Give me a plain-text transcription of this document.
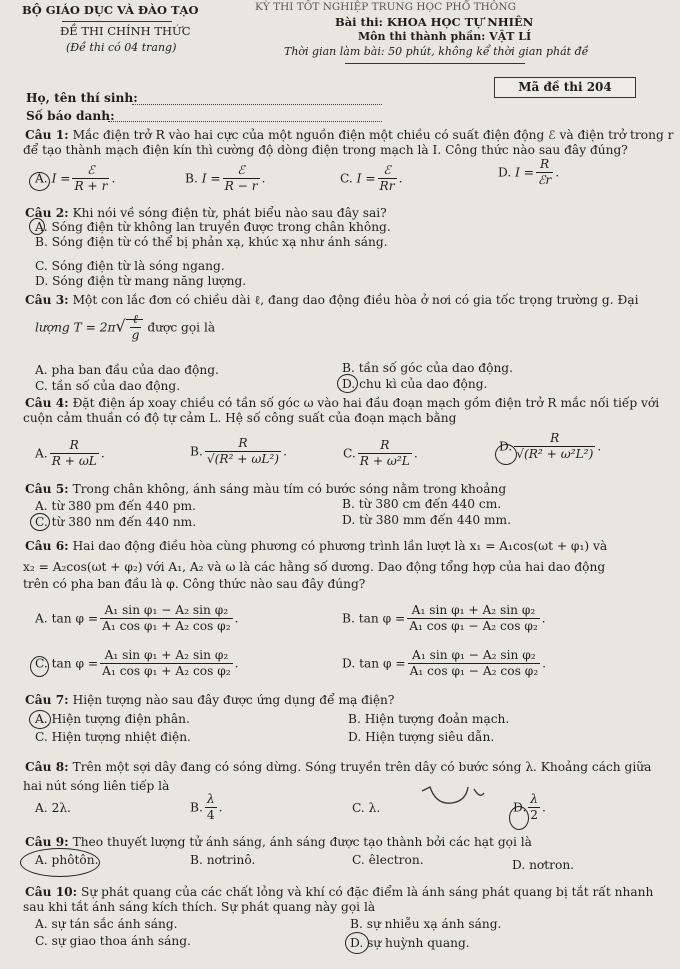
BỘ GIÁO DỤC VÀ ĐÀO TẠO	KỲ THI TỐT NGHIỆP TRUNG HỌC PHỔ THÔNG
ĐỀ THI CHÍNH THỨC
(Đề thi có 04 trang)
Bài thi: KHOA HỌC TỰ NHIÊN
Môn thi thành phần: VẬT LÍ
Thời gian làm bài: 50 phút, không kể thời gian phát đề
Họ, tên thí sinh:
Số báo danh:
Mã đề thi 204
Câu 1: Mắc điện trở R vào hai cực của một nguồn điện một chiều có suất điện động ℰ và điện trở trong r
để tạo thành mạch điện kín thì cường độ dòng điện trong mạch là I. Công thức nào sau đây đúng?
A. $I = \frac{\text{ℰ}}{R + r}$ .	B. $I = \frac{\text{ℰ}}{R - r}$ .	C. $I = \frac{\text{ℰ}}{Rr}$ .	D. $I = \frac{R}{\text{ℰr}}$ .
Câu 2: Khi nói về sóng điện từ, phát biểu nào sau đây sai?
A. Sóng điện từ không lan truyền được trong chân không.
B. Sóng điện từ có thể bị phản xạ, khúc xạ như ánh sáng.
C. Sóng điện từ là sóng ngang.
D. Sóng điện từ mang năng lượng.
Câu 3: Một con lắc đơn có chiều dài ℓ, đang dao động điều hòa ở nơi có gia tốc trọng trường g. Đại
lượng $T = 2\pi√ \frac{\text{ℓ}}{g}$ được gọi là
A. pha ban đầu của dao động.	B. tần số góc của dao động.
C. tần số của dao động.	D. chu kì của dao động.
Câu 4: Đặt điện áp xoay chiều có tần số góc ω vào hai đầu đoạn mạch gồm điện trở R mắc nối tiếp với
cuộn cảm thuần có độ tự cảm L. Hệ số công suất của đoạn mạch bằng
A. $\frac{R}{R + \omega L}$ .	B. $\frac{R}{\text{√(R² + ωL²)}}$ .	C. $\frac{R}{\text{R + ω²L}}$ .	D. $\frac{R}{\text{√(R² + ω²L²)}}$ .
Câu 5: Trong chân không, ánh sáng màu tím có bước sóng nằm trong khoảng
A. từ 380 pm đến 440 pm.	B. từ 380 cm đến 440 cm.
C. từ 380 nm đến 440 nm.	D. từ 380 mm đến 440 mm.
Câu 6: Hai dao động điều hòa cùng phương có phương trình lần lượt là x₁ = A₁cos(ωt + φ₁) và
x₂ = A₂cos(ωt + φ₂) với A₁, A₂ và ω là các hằng số dương. Dao động tổng hợp của hai dao động
trên có pha ban đầu là φ. Công thức nào sau đây đúng?
A. $\tan \varphi = \frac{\text{A₁ sin φ₁ − A₂ sin φ₂}}{\text{A₁ cos φ₁ + A₂ cos φ₂}}$ .	B. $\tan \varphi = \frac{\text{A₁ sin φ₁ + A₂ sin φ₂}}{\text{A₁ cos φ₁ − A₂ cos φ₂}}$ .
C. $\tan \varphi = \frac{\text{A₁ sin φ₁ + A₂ sin φ₂}}{\text{A₁ cos φ₁ + A₂ cos φ₂}}$ .	D. $\tan \varphi = \frac{\text{A₁ sin φ₁ − A₂ sin φ₂}}{\text{A₁ cos φ₁ − A₂ cos φ₂}}$ .
Câu 7: Hiện tượng nào sau đây được ứng dụng để mạ điện?
A. Hiện tượng điện phân.	B. Hiện tượng đoản mạch.
C. Hiện tượng nhiệt điện.	D. Hiện tượng siêu dẫn.
Câu 8: Trên một sợi dây đang có sóng dừng. Sóng truyền trên dây có bước sóng λ. Khoảng cách giữa
hai nút sóng liên tiếp là
A. 2λ.	B. $\frac{\lambda}{4}$ .	C. λ.	D. $\frac{\lambda}{2}$ .
Câu 9: Theo thuyết lượng tử ánh sáng, ánh sáng được tạo thành bởi các hạt gọi là
A. phôtôn.	B. nơtrinô.	C. êlectron.	D. nơtron.
Câu 10: Sự phát quang của các chất lỏng và khí có đặc điểm là ánh sáng phát quang bị tắt rất nhanh
sau khi tắt ánh sáng kích thích. Sự phát quang này gọi là
A. sự tán sắc ánh sáng.	B. sự nhiễu xạ ánh sáng.
C. sự giao thoa ánh sáng.	D. sự huỳnh quang.
